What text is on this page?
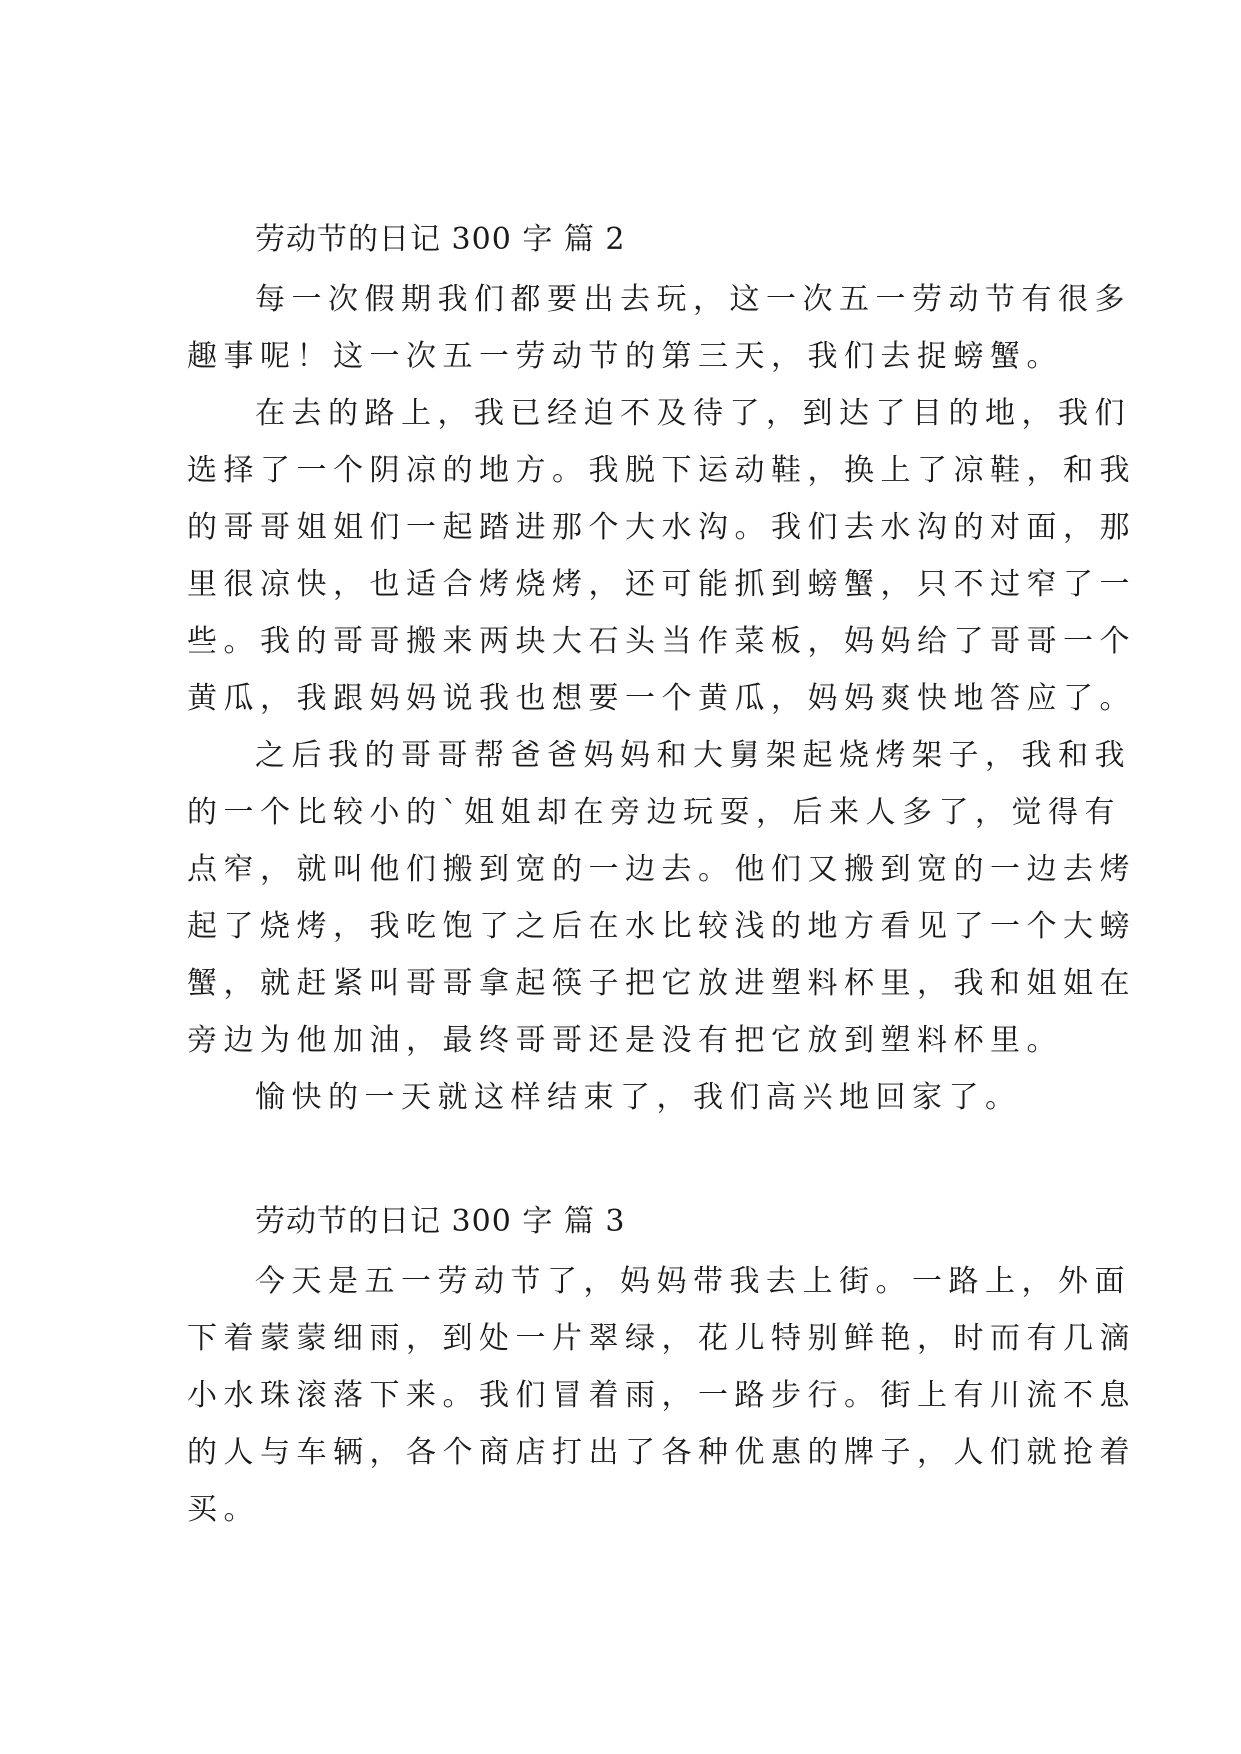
劳动节的日记 300 字 篇 2
每一次假期我们都要出去玩，这一次五一劳动节有很多
趣事呢！这一次五一劳动节的第三天，我们去捉螃蟹。
在去的路上，我已经迫不及待了，到达了目的地，我们
选择了一个阴凉的地方。我脱下运动鞋，换上了凉鞋，和我
的哥哥姐姐们一起踏进那个大水沟。我们去水沟的对面，那
里很凉快，也适合烤烧烤，还可能抓到螃蟹，只不过窄了一
些。我的哥哥搬来两块大石头当作菜板，妈妈给了哥哥一个
黄瓜，我跟妈妈说我也想要一个黄瓜，妈妈爽快地答应了。
之后我的哥哥帮爸爸妈妈和大舅架起烧烤架子，我和我
的一个比较小的`姐姐却在旁边玩耍，后来人多了，觉得有
点窄，就叫他们搬到宽的一边去。他们又搬到宽的一边去烤
起了烧烤，我吃饱了之后在水比较浅的地方看见了一个大螃
蟹，就赶紧叫哥哥拿起筷子把它放进塑料杯里，我和姐姐在
旁边为他加油，最终哥哥还是没有把它放到塑料杯里。
愉快的一天就这样结束了，我们高兴地回家了。
劳动节的日记 300 字 篇 3
今天是五一劳动节了，妈妈带我去上街。一路上，外面
下着蒙蒙细雨，到处一片翠绿，花儿特别鲜艳，时而有几滴
小水珠滚落下来。我们冒着雨，一路步行。街上有川流不息
的人与车辆，各个商店打出了各种优惠的牌子，人们就抢着
买。
